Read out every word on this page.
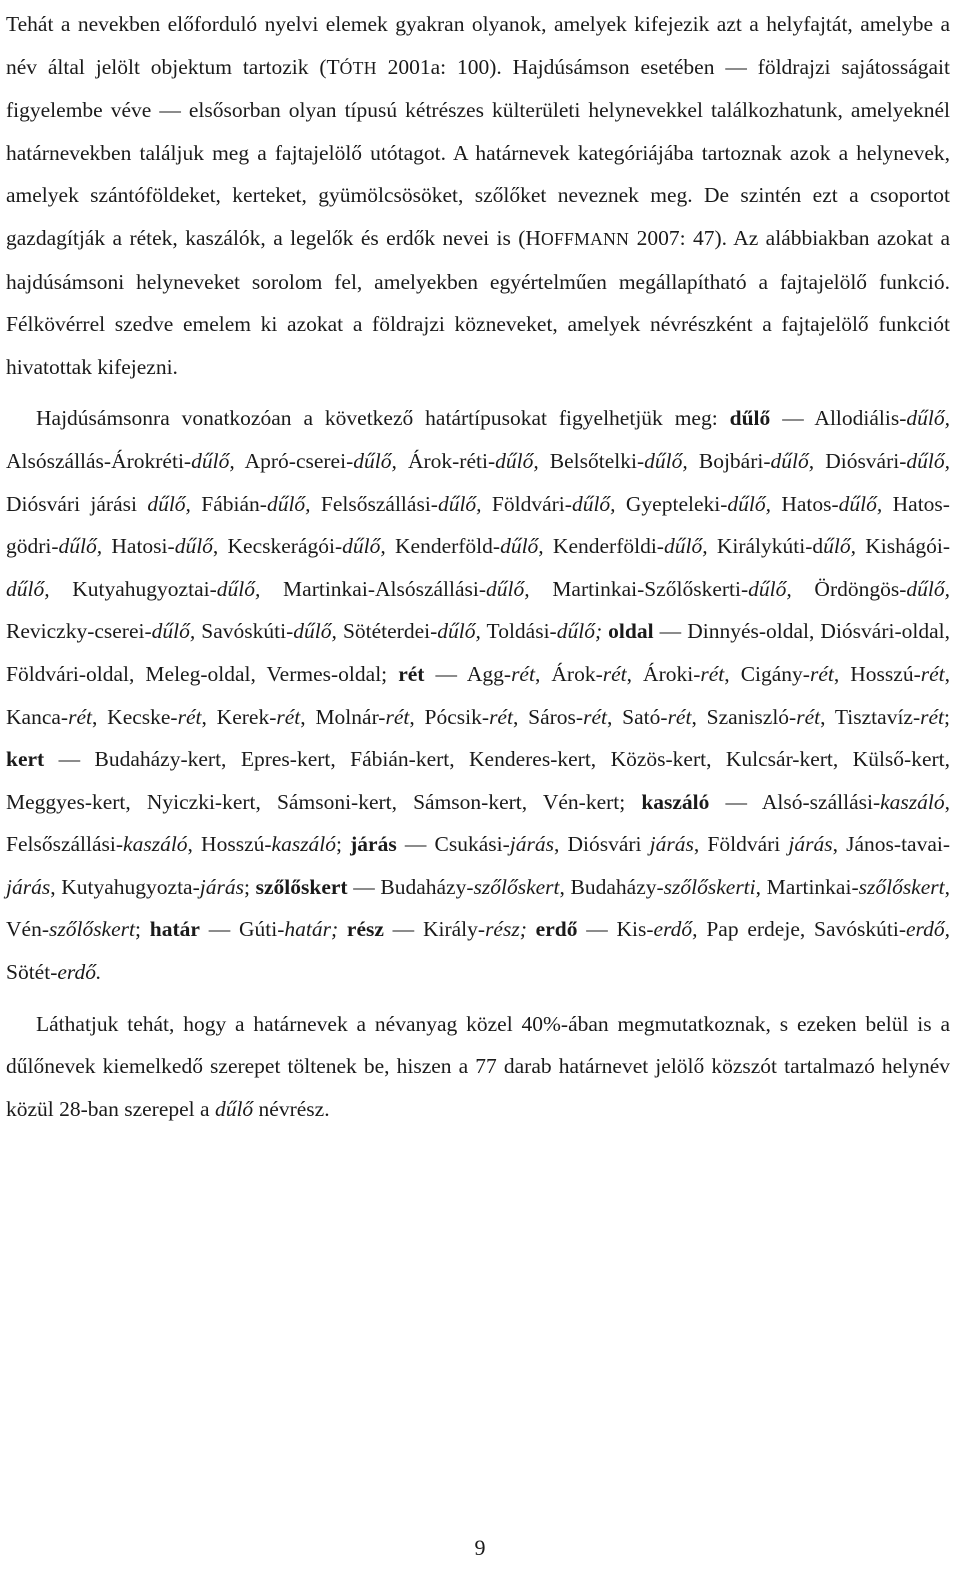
Tehát a nevekben előforduló nyelvi elemek gyakran olyanok, amelyek kifejezik azt a helyfajtát, amelybe a név által jelölt objektum tartozik (TÓTH 2001a: 100). Hajdúsámson esetében — földrajzi sajátosságait figyelembe véve — elsősorban olyan típusú kétrészes külterületi helynevekkel találkozhatunk, amelyeknél határnevekben találjuk meg a fajtajelölő utótagot. A határnevek kategóriájába tartoznak azok a helynevek, amelyek szántóföldeket, kerteket, gyümölcsösöket, szőlőket neveznek meg. De szintén ezt a csoportot gazdagítják a rétek, kaszálók, a legelők és erdők nevei is (HOFFMANN 2007: 47). Az alábbiakban azokat a hajdúsámsoni helyneveket sorolom fel, amelyekben egyértelműen megállapítható a fajtajelölő funkció. Félkövérrel szedve emelem ki azokat a földrajzi közneveket, amelyek névrészként a fajtajelölő funkciót hivatottak kifejezni.

Hajdúsámsonra vonatkozóan a következő határtípusokat figyelhetjük meg: dűlő — Allodiális-dűlő, Alsószállás-Árokréti-dűlő, Apró-cserei-dűlő, Árok-réti-dűlő, Belsőtelki-dűlő, Bojbári-dűlő, Diósvári-dűlő, Diósvári járási dűlő, Fábián-dűlő, Felsőszállási-dűlő, Földvári-dűlő, Gyepteleki-dűlő, Hatos-dűlő, Hatos-gödri-dűlő, Hatosi-dűlő, Kecskerágói-dűlő, Kenderföld-dűlő, Kenderföldi-dűlő, Királykúti-dűlő, Kishágói-dűlő, Kutyahugyoztai-dűlő, Martinkai-Alsószállási-dűlő, Martinkai-Szőlőskerti-dűlő, Ördöngös-dűlő, Reviczky-cserei-dűlő, Savóskúti-dűlő, Sötéterdei-dűlő, Toldási-dűlő; oldal — Dinnyés-oldal, Diósvári-oldal, Földvári-oldal, Meleg-oldal, Vermes-oldal; rét — Agg-rét, Árok-rét, Ároki-rét, Cigány-rét, Hosszú-rét, Kanca-rét, Kecske-rét, Kerek-rét, Molnár-rét, Pócsik-rét, Sáros-rét, Sató-rét, Szaniszló-rét, Tisztavíz-rét; kert — Budaházy-kert, Epres-kert, Fábián-kert, Kenderes-kert, Közös-kert, Kulcsár-kert, Külső-kert, Meggyes-kert, Nyiczki-kert, Sámsoni-kert, Sámson-kert, Vén-kert; kaszáló — Alsó-szállási-kaszáló, Felsőszállási-kaszáló, Hosszú-kaszáló; járás — Csukási-járás, Diósvári járás, Földvári járás, János-tavai-járás, Kutyahugyozta-járás; szőlőskert — Budaházy-szőlőskert, Budaházy-szőlőskerti, Martinkai-szőlőskert, Vén-szőlőskert; határ — Gúti-határ; rész — Király-rész; erdő — Kis-erdő, Pap erdeje, Savóskúti-erdő, Sötét-erdő.

Láthatjuk tehát, hogy a határnevek a névanyag közel 40%-ában megmutatkoznak, s ezeken belül is a dűlőnevek kiemelkedő szerepet töltenek be, hiszen a 77 darab határnevet jelölő közszót tartalmazó helynév közül 28-ban szerepel a dűlő névrész.

9
